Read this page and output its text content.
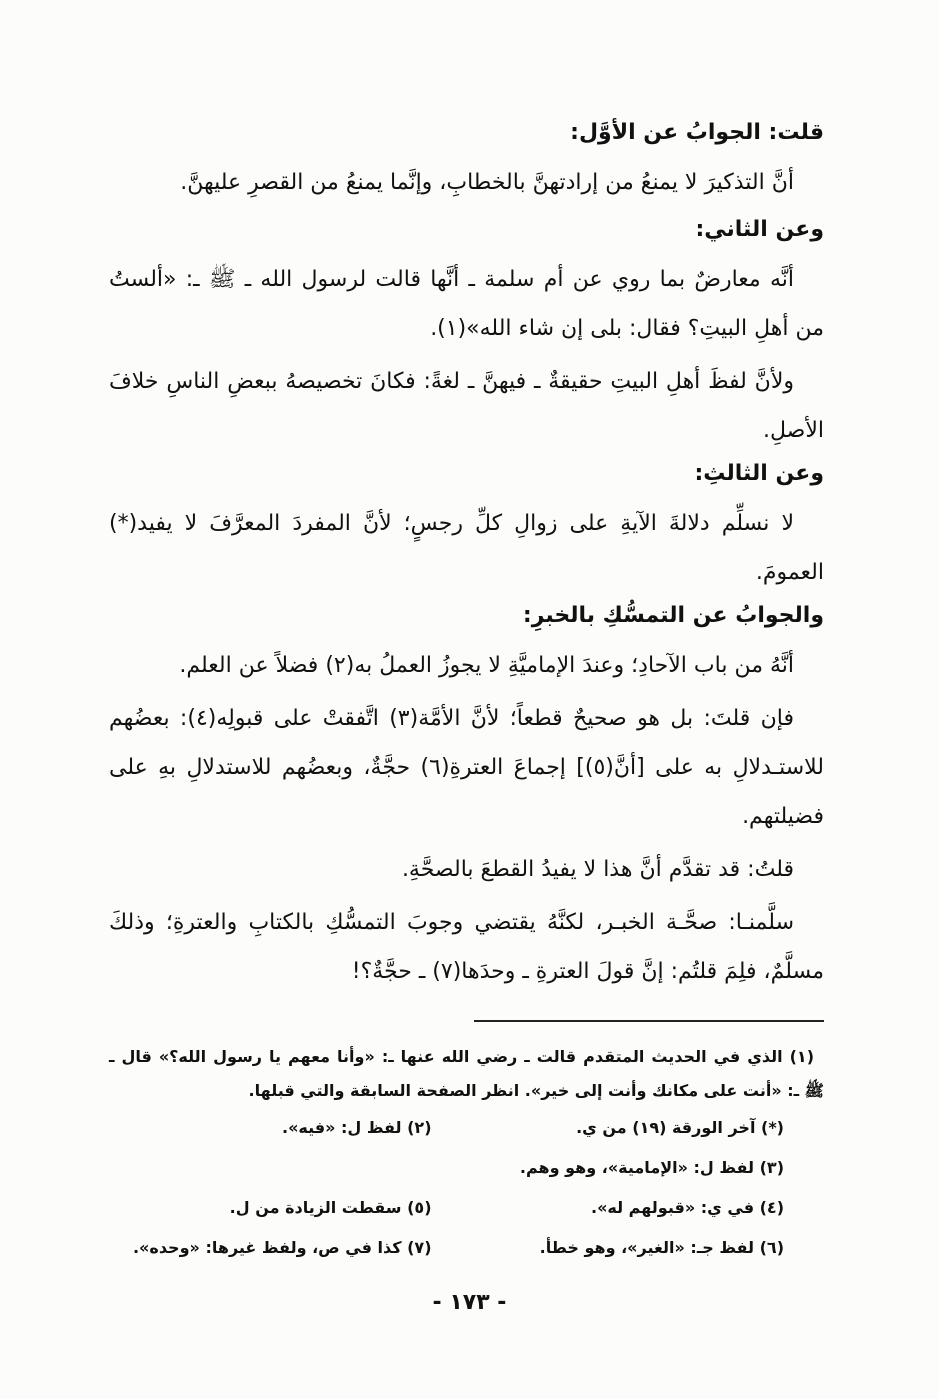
قلت: الجوابُ عن الأوَّل:

أنَّ التذكيرَ لا يمنعُ من إرادتهنَّ بالخطابِ، وإنَّما يمنعُ من القصرِ عليهنَّ.

وعن الثاني:

أنَّه معارضٌ بما روي عن أم سلمة ـ أنَّها قالت لرسول الله ـ ﷺ ـ: «ألستُ من أهلِ البيتِ؟ فقال: بلى إن شاء الله»(١).

ولأنَّ لفظَ أهلِ البيتِ حقيقةٌ ـ فيهنَّ ـ لغةً: فكانَ تخصيصهُ ببعضِ الناسِ خلافَ الأصلِ.

وعن الثالثِ:

لا نسلِّم دلالةَ الآيةِ على زوالِ كلِّ رجسٍ؛ لأنَّ المفردَ المعرَّفَ لا يفيد(*) العمومَ.

والجوابُ عن التمسُّكِ بالخبرِ:

أنَّهُ من باب الآحادِ؛ وعندَ الإماميَّةِ لا يجوزُ العملُ به(٢) فضلاً عن العلم.

فإن قلتَ: بل هو صحيحٌ قطعاً؛ لأنَّ الأمَّة(٣) اتَّفقتْ على قبولِه(٤): بعضُهم للاستـدلالِ به على [أنَّ(٥)] إجماعَ العترةِ(٦) حجَّةٌ، وبعضُهم للاستدلالِ بهِ على فضيلتهم.

قلتُ: قد تقدَّم أنَّ هذا لا يفيدُ القطعَ بالصحَّةِ.

سلَّمنـا: صحَّـة الخبـر، لكنَّهُ يقتضي وجوبَ التمسُّكِ بالكتابِ والعترةِ؛ وذلكَ مسلَّمٌ، فلِمَ قلتُم: إنَّ قولَ العترةِ ـ وحدَها(٧) ـ حجَّةٌ؟!

(١) الذي في الحديث المتقدم قالت ـ رضي الله عنها ـ: «وأنا معهم يا رسول الله؟» قال ـ ﷺ ـ: «أنت على مكانك وأنت إلى خير». انظر الصفحة السابقة والتي قبلها.
(*) آخر الورقة (١٩) من ي.
(٢) لفظ ل: «فيه».
(٣) لفظ ل: «الإمامية»، وهو وهم.
(٤) في ي: «قبولهم له».
(٥) سقطت الزيادة من ل.
(٦) لفظ جـ: «الغير»، وهو خطأ.
(٧) كذا في ص، ولفظ غيرها: «وحده».
- ١٧٣ -
